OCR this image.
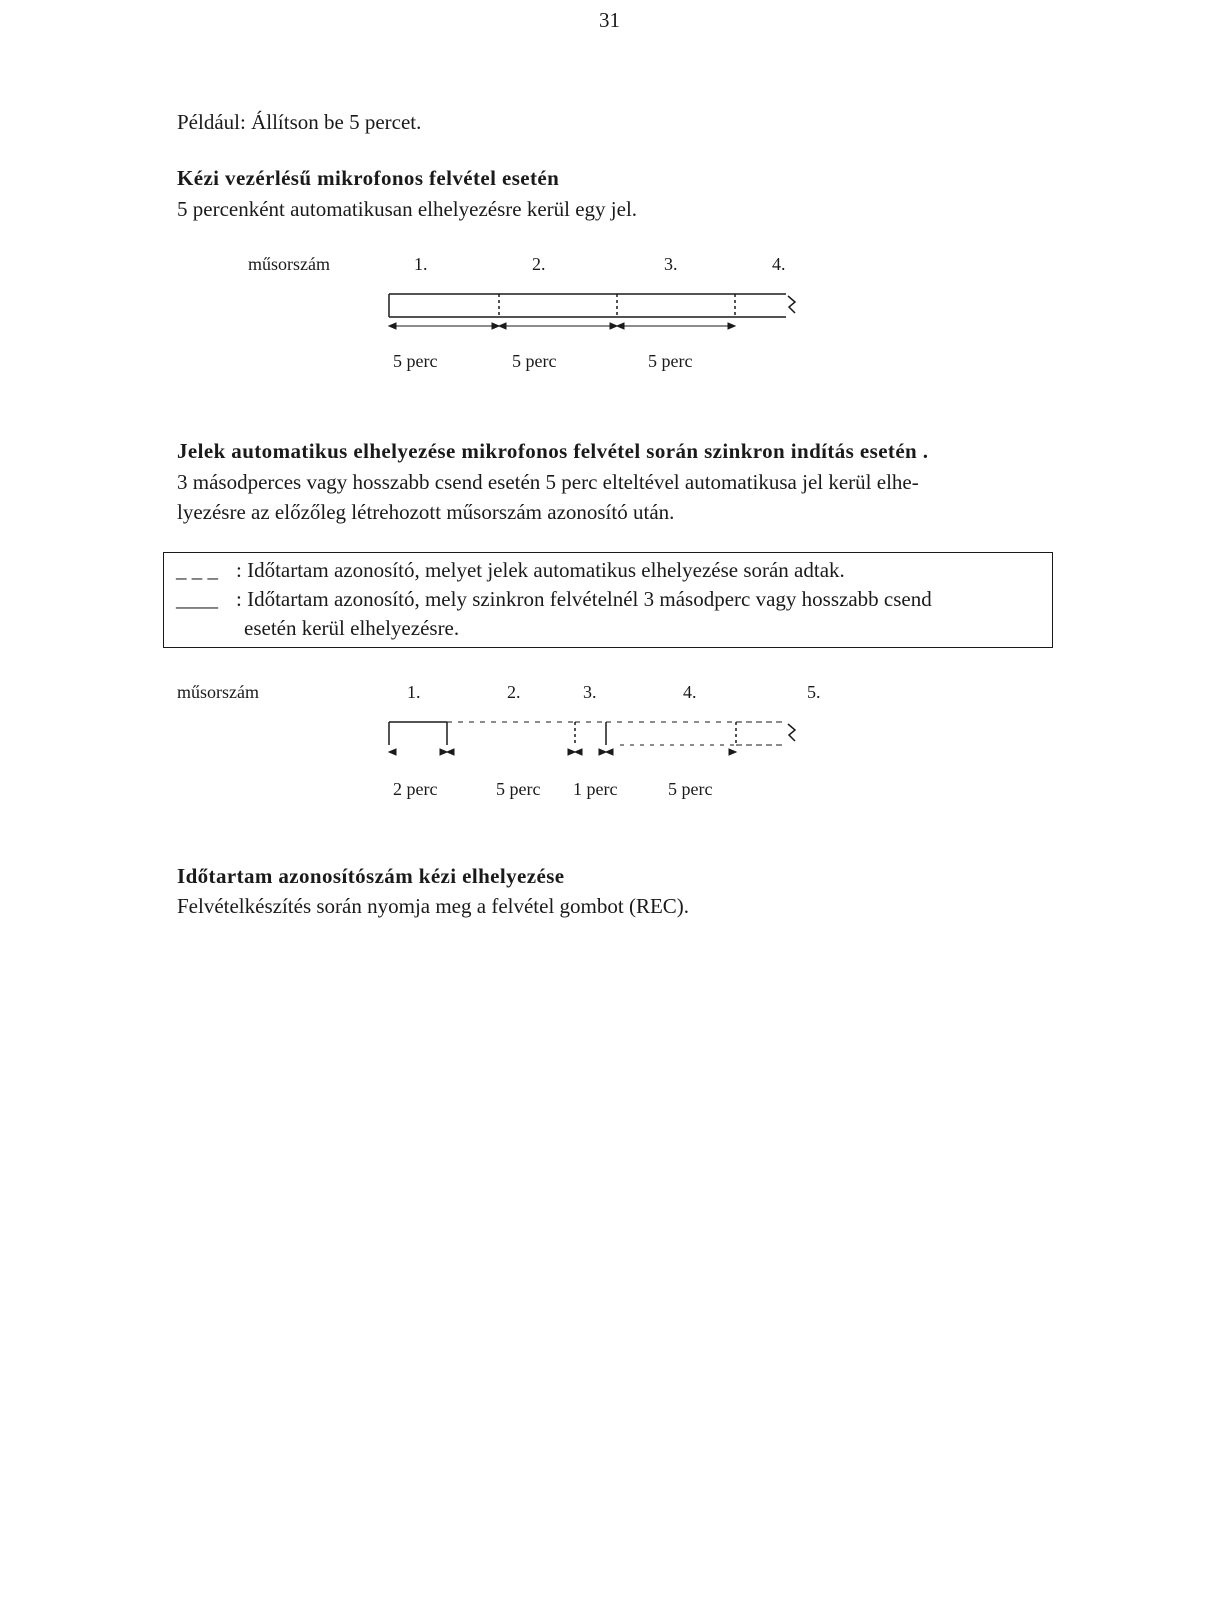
31
Például: Állítson be 5 percet.
Kézi vezérlésű mikrofonos felvétel esetén
5 percenként automatikusan elhelyezésre kerül egy jel.
műsorszám	1.	2.	3.	4.
5 perc	5 perc	5 perc
Jelek automatikus elhelyezése mikrofonos felvétel során szinkron indítás esetén .
3 másodperces vagy hosszabb csend esetén 5 perc elteltével automatikusa jel kerül elhe-
lyezésre az előzőleg létrehozott műsorszám azonosító után.
_ _ _ : Időtartam azonosító, melyet jelek automatikus elhelyezése során adtak.
____ : Időtartam azonosító, mely szinkron felvételnél 3 másodperc vagy hosszabb csend
esetén kerül elhelyezésre.
műsorszám	1.	2.	3.	4.	5.
2 perc	5 perc 1 perc	5 perc
Időtartam azonosítószám kézi elhelyezése
Felvételkészítés során nyomja meg a felvétel gombot (REC).
